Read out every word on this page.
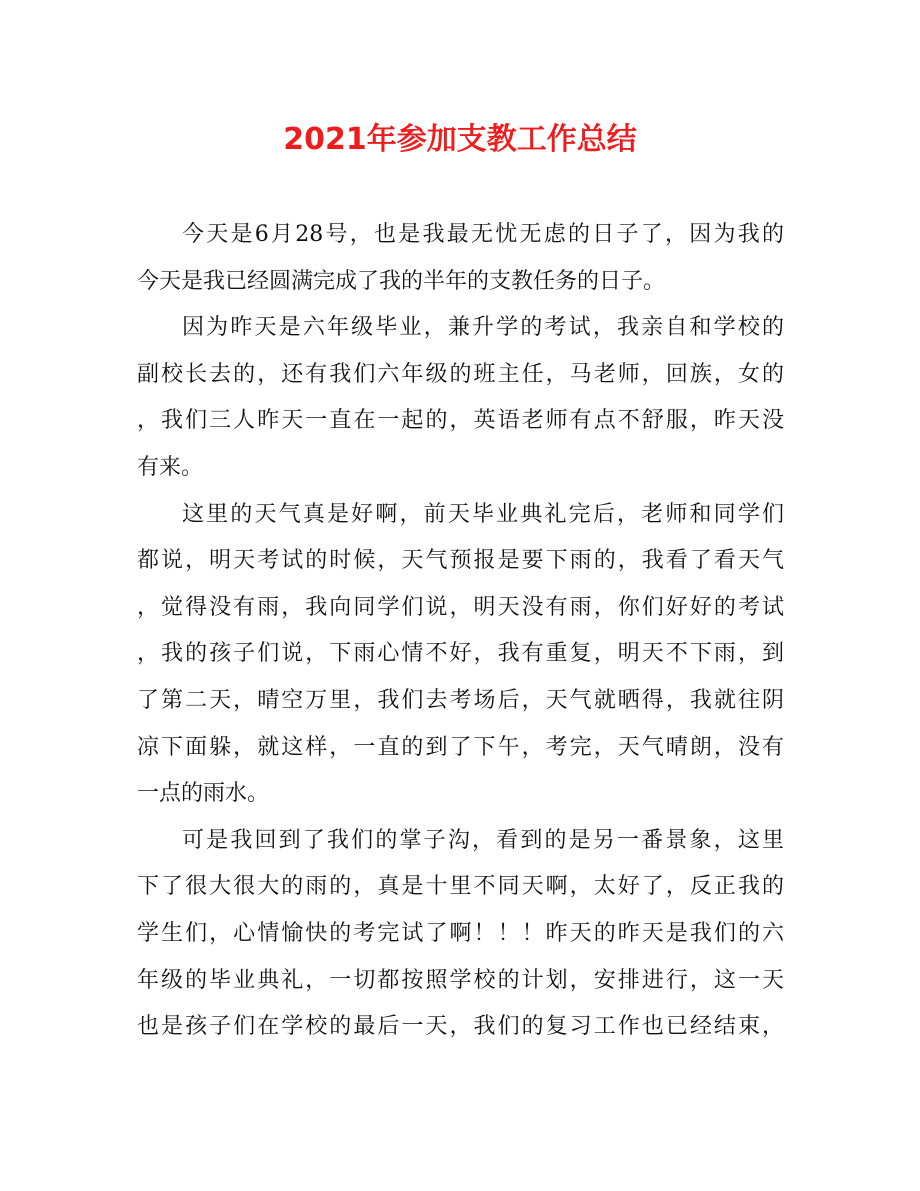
2021年参加支教工作总结
今天是6月28号，也是我最无忧无虑的日子了，因为我的
今天是我已经圆满完成了我的半年的支教任务的日子。
因为昨天是六年级毕业，兼升学的考试，我亲自和学校的
副校长去的，还有我们六年级的班主任，马老师，回族，女的
，我们三人昨天一直在一起的，英语老师有点不舒服，昨天没
有来。
这里的天气真是好啊，前天毕业典礼完后，老师和同学们
都说，明天考试的时候，天气预报是要下雨的，我看了看天气
，觉得没有雨，我向同学们说，明天没有雨，你们好好的考试
，我的孩子们说，下雨心情不好，我有重复，明天不下雨，到
了第二天，晴空万里，我们去考场后，天气就晒得，我就往阴
凉下面躲，就这样，一直的到了下午，考完，天气晴朗，没有
一点的雨水。
可是我回到了我们的掌子沟，看到的是另一番景象，这里
下了很大很大的雨的，真是十里不同天啊，太好了，反正我的
学生们，心情愉快的考完试了啊！！！昨天的昨天是我们的六
年级的毕业典礼，一切都按照学校的计划，安排进行，这一天
也是孩子们在学校的最后一天，我们的复习工作也已经结束，
